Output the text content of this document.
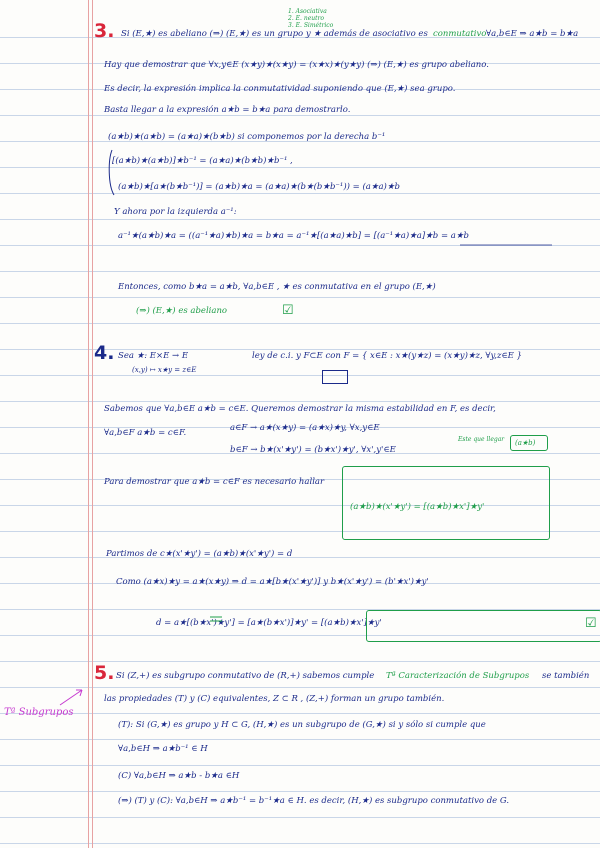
3. Si (E,★) es abeliano (⇒) (E,★) es un grupo y ★ además de asociativo es conmutativo ∀a,b∈E ⇒ a★b = b★a
1. Asociativa
2. E. neutro
3. E. Simétrico
Hay que demostrar que ∀x,y∈E (x★y)★(x★y) = (x★x)★(y★y) (⇒) (E,★) es grupo abeliano.
Es decir, la expresión implica la conmutatividad suponiendo que (E,★) sea grupo.
Basta llegar a la expresión a★b = b★a para demostrarlo.
(a★b)★(a★b) = (a★a)★(b★b) si componemos por la derecha b⁻¹
[(a★b)★(a★b)]★b⁻¹ = (a★a)★(b★b)★b⁻¹ ,
(a★b)★[a★(b★b⁻¹)] = (a★b)★a = (a★a)★(b★(b★b⁻¹)) = (a★a)★b
Y ahora por la izquierda a⁻¹:
a⁻¹★(a★b)★a = ((a⁻¹★a)★b)★a = b★a = a⁻¹★[(a★a)★b] = [(a⁻¹★a)★a]★b = a★b
Entonces, como b★a = a★b, ∀a,b∈E , ★ es conmutativa en el grupo (E,★)
(⇒) (E,★) es abeliano	☑
4. Sea ★: E×E → E
(x,y) ↦ x★y = z∈E
ley de c.i. y F⊂E con F = { x∈E : x★(y★z) = (x★y)★z, ∀y,z∈E }
Sabemos que ∀a,b∈E a★b = c∈E. Queremos demostrar la misma estabilidad en F, es decir,
∀a,b∈F a★b = c∈F.	a∈F → a★(x★y) = (a★x)★y, ∀x,y∈E
b∈F → b★(x'★y') = (b★x')★y', ∀x',y'∈E
Este que llegar (a★b)
Para demostrar que a★b = c∈F es necesario hallar
(a★b)★(x'★y') = [(a★b)★x']★y'
Partimos de c★(x'★y') = (a★b)★(x'★y') = d
Como (a★x)★y = a★(x★y) ⇒ d = a★[b★(x'★y')] y b★(x'★y') = (b'★x')★y'
d = a★[(b★x')★y'] = [a★(b★x')]★y' = [(a★b)★x']★y'	☑
5. Si (Z,+) es subgrupo conmutativo de (R,+) sabemos cumple Tª Caracterización de Subgrupos se también
las propiedades (T) y (C) equivalentes, Z ⊂ R , (Z,+) forman un grupo también.
(T): Si (G,★) es grupo y H ⊂ G, (H,★) es un subgrupo de (G,★) si y sólo si cumple que
∀a,b∈H ⇒ a★b⁻¹ ∈ H
(C) ∀a,b∈H ⇒ a★b - b★a ∈H
(⇒) (T) y (C): ∀a,b∈H ⇒ a★b⁻¹ = b⁻¹★a ∈ H. es decir, (H,★) es subgrupo conmutativo de G.
Tª Subgrupos
